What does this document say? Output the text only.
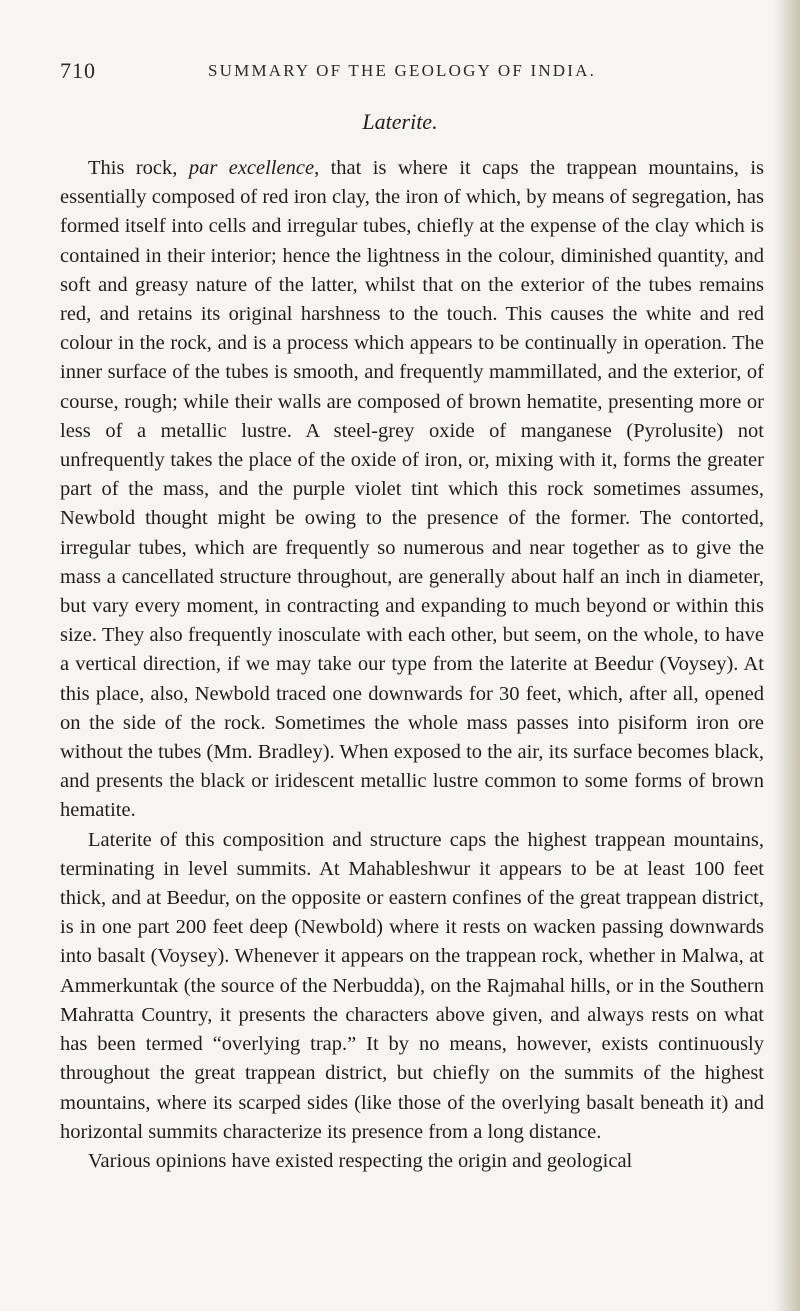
710	SUMMARY OF THE GEOLOGY OF INDIA.
Laterite.

This rock, par excellence, that is where it caps the trappean mountains, is essentially composed of red iron clay, the iron of which, by means of segregation, has formed itself into cells and irregular tubes, chiefly at the expense of the clay which is contained in their interior; hence the lightness in the colour, diminished quantity, and soft and greasy nature of the latter, whilst that on the exterior of the tubes remains red, and retains its original harshness to the touch. This causes the white and red colour in the rock, and is a process which appears to be continually in operation. The inner surface of the tubes is smooth, and frequently mammillated, and the exterior, of course, rough; while their walls are composed of brown hematite, presenting more or less of a metallic lustre. A steel-grey oxide of manganese (Pyrolusite) not unfrequently takes the place of the oxide of iron, or, mixing with it, forms the greater part of the mass, and the purple violet tint which this rock sometimes assumes, Newbold thought might be owing to the presence of the former. The contorted, irregular tubes, which are frequently so numerous and near together as to give the mass a cancellated structure throughout, are generally about half an inch in diameter, but vary every moment, in contracting and expanding to much beyond or within this size. They also frequently inosculate with each other, but seem, on the whole, to have a vertical direction, if we may take our type from the laterite at Beedur (Voysey). At this place, also, Newbold traced one downwards for 30 feet, which, after all, opened on the side of the rock. Sometimes the whole mass passes into pisiform iron ore without the tubes (Mm. Bradley). When exposed to the air, its surface becomes black, and presents the black or iridescent metallic lustre common to some forms of brown hematite.

Laterite of this composition and structure caps the highest trappean mountains, terminating in level summits. At Mahableshwur it appears to be at least 100 feet thick, and at Beedur, on the opposite or eastern confines of the great trappean district, is in one part 200 feet deep (Newbold) where it rests on wacken passing downwards into basalt (Voysey). Whenever it appears on the trappean rock, whether in Malwa, at Ammerkuntak (the source of the Nerbudda), on the Rajmahal hills, or in the Southern Mahratta Country, it presents the characters above given, and always rests on what has been termed “overlying trap.” It by no means, however, exists continuously throughout the great trappean district, but chiefly on the summits of the highest mountains, where its scarped sides (like those of the overlying basalt beneath it) and horizontal summits characterize its presence from a long distance.

Various opinions have existed respecting the origin and geological
